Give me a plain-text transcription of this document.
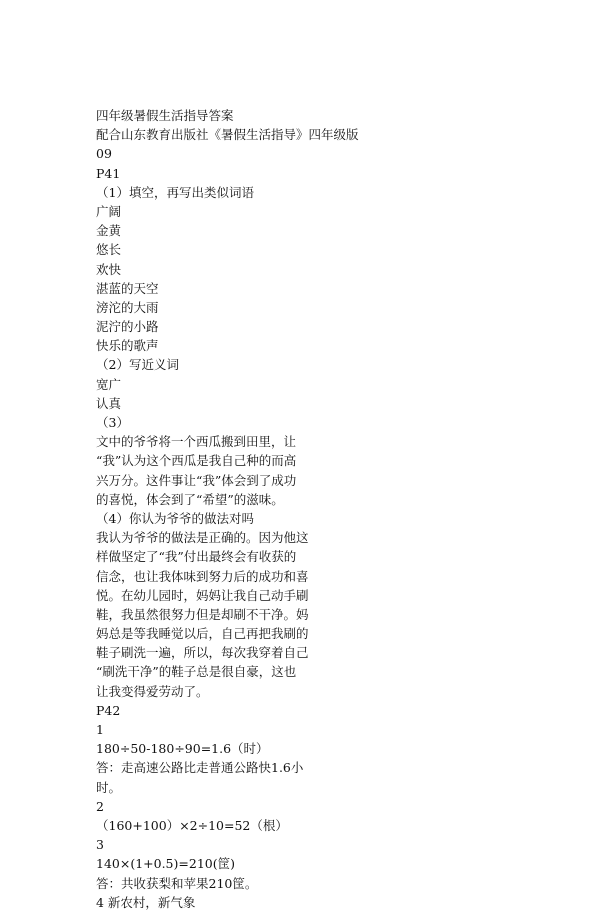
四年级暑假生活指导答案
配合山东教育出版社《暑假生活指导》四年级版
09
P41
（1）填空，再写出类似词语
广阔
金黄
悠长
欢快
湛蓝的天空
滂沱的大雨
泥泞的小路
快乐的歌声
（2）写近义词
宽广
认真
（3）
文中的爷爷将一个西瓜搬到田里，让
“我”认为这个西瓜是我自己种的而高
兴万分。这件事让“我”体会到了成功
的喜悦，体会到了“希望”的滋味。
（4）你认为爷爷的做法对吗
我认为爷爷的做法是正确的。因为他这
样做坚定了“我”付出最终会有收获的
信念，也让我体味到努力后的成功和喜
悦。在幼儿园时，妈妈让我自己动手刷
鞋，我虽然很努力但是却刷不干净。妈
妈总是等我睡觉以后，自己再把我刷的
鞋子刷洗一遍，所以，每次我穿着自己
“刷洗干净”的鞋子总是很自豪，这也
让我变得爱劳动了。
P42
1
180÷50-180÷90=1.6（时）
答：走高速公路比走普通公路快1.6小
时。
2
（160+100）×2÷10=52（根）
3
140×(1+0.5)=210(筐)
答：共收获梨和苹果210筐。
4 新农村，新气象
